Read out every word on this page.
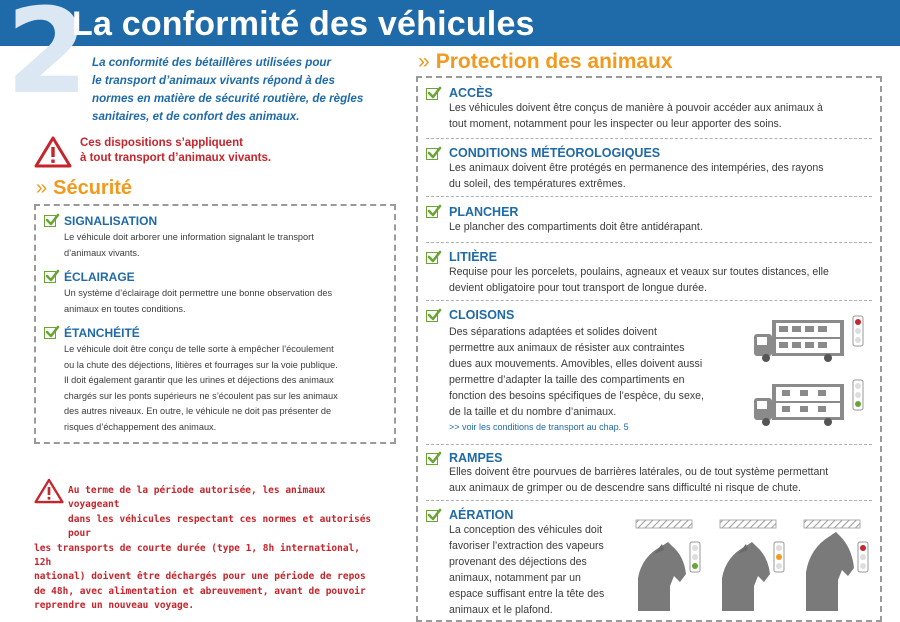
2
La conformité des véhicules
La conformité des bétaillères utilisées pour
le transport d’animaux vivants répond à des
normes en matière de sécurité routière, de règles
sanitaires, et de confort des animaux.
Ces dispositions s’appliquent
à tout transport d’animaux vivants.
» Sécurité
SIGNALISATION
Le véhicule doit arborer une information signalant le transport
d’animaux vivants.
ÉCLAIRAGE
Un système d’éclairage doit permettre une bonne observation des
animaux en toutes conditions.
ÉTANCHÉITÉ
Le véhicule doit être conçu de telle sorte à empêcher l’écoulement
ou la chute des déjections, litières et fourrages sur la voie publique.
Il doit également garantir que les urines et déjections des animaux
chargés sur les ponts supérieurs ne s’écoulent pas sur les animaux
des autres niveaux. En outre, le véhicule ne doit pas présenter de
risques d’échappement des animaux.
Au terme de la période autorisée, les animaux voyageant
dans les véhicules respectant ces normes et autorisés pour
les transports de courte durée (type 1, 8h international, 12h
national) doivent être déchargés pour une période de repos
de 48h, avec alimentation et abreuvement, avant de pouvoir
reprendre un nouveau voyage.
» Protection des animaux
ACCÈS
Les véhicules doivent être conçus de manière à pouvoir accéder aux animaux à
tout moment, notamment pour les inspecter ou leur apporter des soins.
CONDITIONS MÉTÉOROLOGIQUES
Les animaux doivent être protégés en permanence des intempéries, des rayons
du soleil, des températures extrêmes.
PLANCHER
Le plancher des compartiments doit être antidérapant.
LITIÈRE
Requise pour les porcelets, poulains, agneaux et veaux sur toutes distances, elle
devient obligatoire pour tout transport de longue durée.
CLOISONS
Des séparations adaptées et solides doivent
permettre aux animaux de résister aux contraintes
dues aux mouvements. Amovibles, elles doivent aussi
permettre d’adapter la taille des compartiments en
fonction des besoins spécifiques de l’espèce, du sexe,
de la taille et du nombre d’animaux.
>> voir les conditions de transport au chap. 5
RAMPES
Elles doivent être pourvues de barrières latérales, ou de tout système permettant
aux animaux de grimper ou de descendre sans difficulté ni risque de chute.
AÉRATION
La conception des véhicules doit
favoriser l’extraction des vapeurs
provenant des déjections des
animaux, notamment par un
espace suffisant entre la tête des
animaux et le plafond.
